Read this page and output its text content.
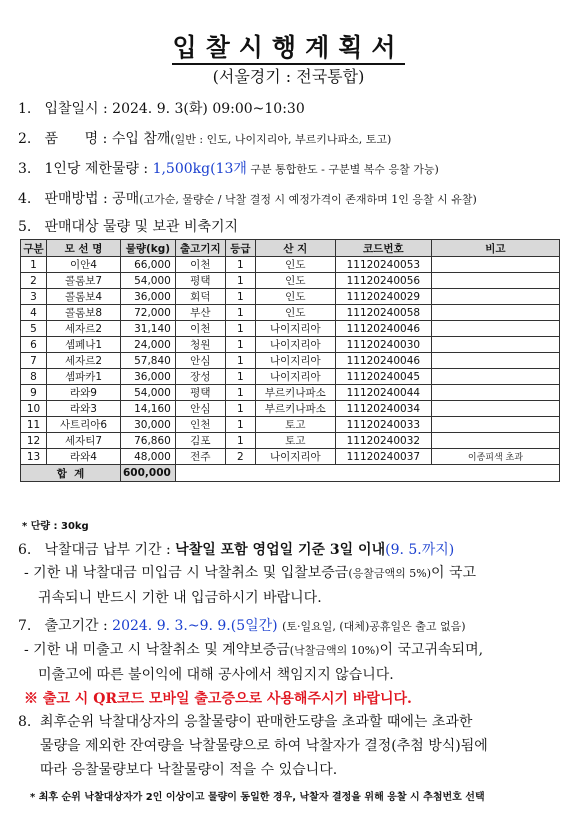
입찰시행계획서
(서울경기 : 전국통합)
1. 입찰일시 : 2024. 9. 3(화) 09:00~10:30
2. 품      명 : 수입 참깨(일반 : 인도, 나이지리아, 부르키나파소, 토고)
3. 1인당 제한물량 : 1,500kg(13개 구분 통합한도 - 구분별 복수 응찰 가능)
4. 판매방법 : 공매(고가순, 물량순 / 낙찰 결정 시 예정가격이 존재하며 1인 응찰 시 유찰)
5. 판매대상 물량 및 보관 비축기지
구분	모 선 명	물량(kg)	출고기지	등급	산 지	코드번호	비고
1	이안4	66,000	이천	1	인도	11120240053	
2	콜롬보7	54,000	평택	1	인도	11120240056	
3	콜롬보4	36,000	회덕	1	인도	11120240029	
4	콜롬보8	72,000	부산	1	인도	11120240058	
5	세자르2	31,140	이천	1	나이지리아	11120240046	
6	셈페나1	24,000	청원	1	나이지리아	11120240030	
7	세자르2	57,840	안심	1	나이지리아	11120240046	
8	셈파카1	36,000	장성	1	나이지리아	11120240045	
9	라와9	54,000	평택	1	부르키나파소	11120240044	
10	라와3	14,160	안심	1	부르키나파소	11120240034	
11	사트리아6	30,000	인천	1	토고	11120240033	
12	세자티7	76,860	김포	1	토고	11120240032	
13	라와4	48,000	전주	2	나이지리아	11120240037	이종피색 초과
합  계		600,000					
* 단량 : 30kg
6. 낙찰대금 납부 기간 : 낙찰일 포함 영업일 기준 3일 이내(9. 5.까지)
- 기한 내 낙찰대금 미입금 시 낙찰취소 및 입찰보증금(응찰금액의 5%)이 국고
귀속되니 반드시 기한 내 입금하시기 바랍니다.
7. 출고기간 : 2024. 9. 3.~9. 9.(5일간) (토·일요일, (대체)공휴일은 출고 없음)
- 기한 내 미출고 시 낙찰취소 및 계약보증금(낙찰금액의 10%)이 국고귀속되며,
미출고에 따른 불이익에 대해 공사에서 책임지지 않습니다.
※ 출고 시 QR코드 모바일 출고증으로 사용해주시기 바랍니다.
8. 최후순위 낙찰대상자의 응찰물량이 판매한도량을 초과할 때에는 초과한
물량을 제외한 잔여량을 낙찰물량으로 하여 낙찰자가 결정(추첨 방식)됨에
따라 응찰물량보다 낙찰물량이 적을 수 있습니다.
* 최후 순위 낙찰대상자가 2인 이상이고 물량이 동일한 경우, 낙찰자 결정을 위해 응찰 시 추첨번호 선택
